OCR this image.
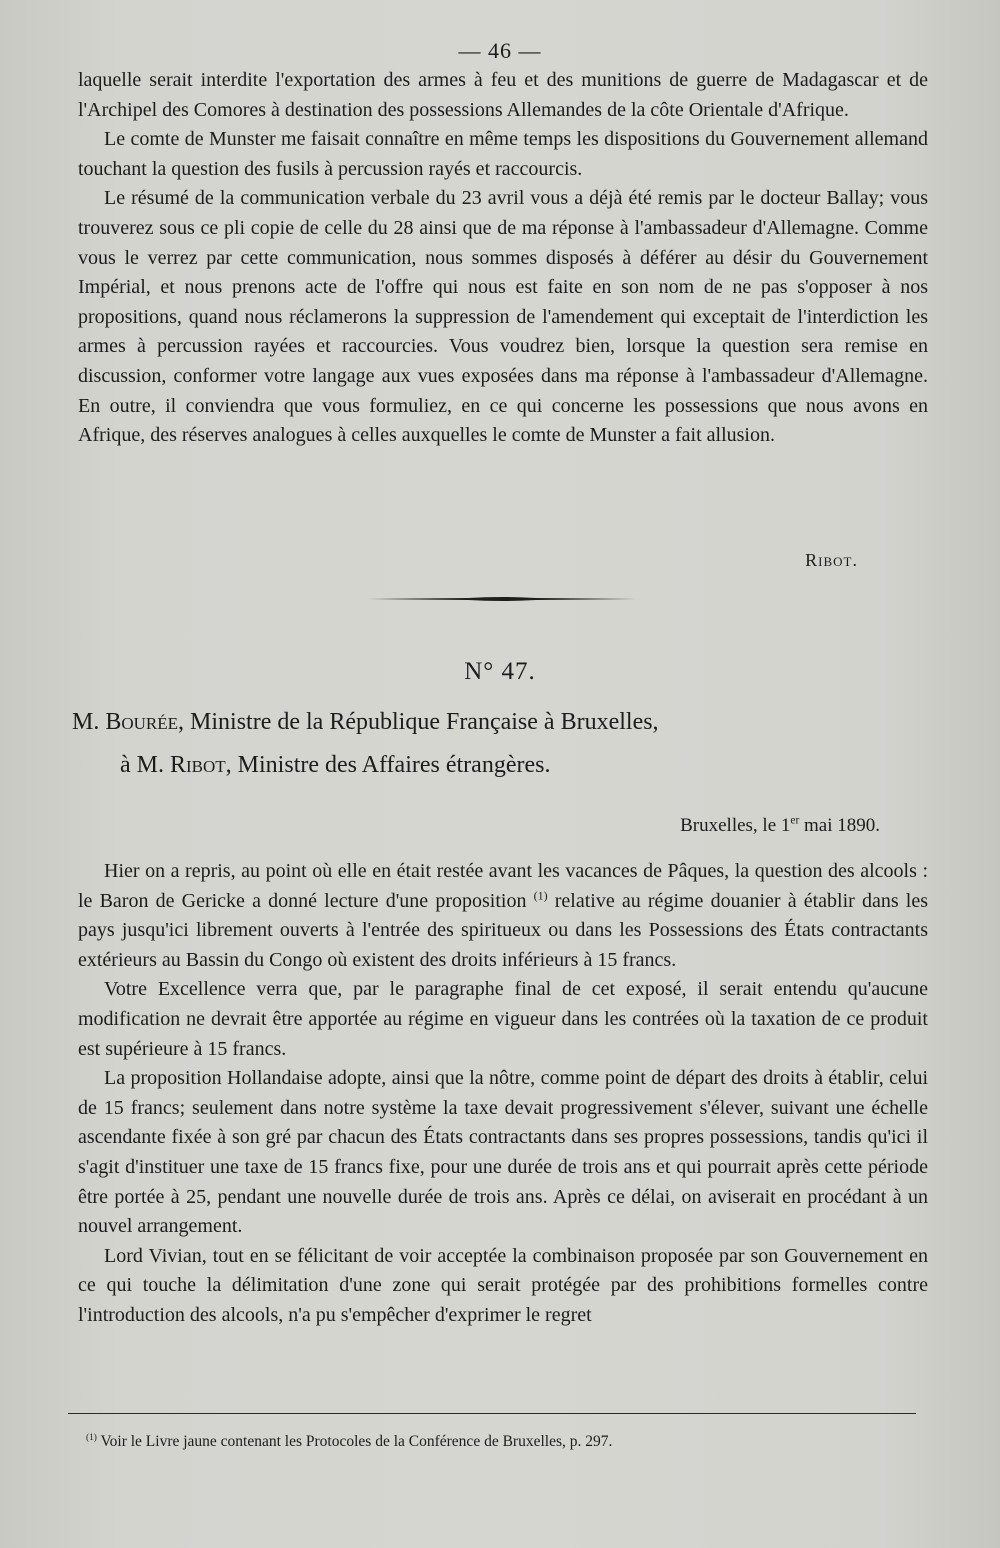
— 46 —

laquelle serait interdite l'exportation des armes à feu et des munitions de guerre de Madagascar et de l'Archipel des Comores à destination des possessions Allemandes de la côte Orientale d'Afrique.

Le comte de Munster me faisait connaître en même temps les dispositions du Gouvernement allemand touchant la question des fusils à percussion rayés et raccourcis.

Le résumé de la communication verbale du 23 avril vous a déjà été remis par le docteur Ballay; vous trouverez sous ce pli copie de celle du 28 ainsi que de ma réponse à l'ambassadeur d'Allemagne. Comme vous le verrez par cette communication, nous sommes disposés à déférer au désir du Gouvernement Impérial, et nous prenons acte de l'offre qui nous est faite en son nom de ne pas s'opposer à nos propositions, quand nous réclamerons la suppression de l'amendement qui exceptait de l'interdiction les armes à percussion rayées et raccourcies. Vous voudrez bien, lorsque la question sera remise en discussion, conformer votre langage aux vues exposées dans ma réponse à l'ambassadeur d'Allemagne. En outre, il conviendra que vous formuliez, en ce qui concerne les possessions que nous avons en Afrique, des réserves analogues à celles auxquelles le comte de Munster a fait allusion.

Ribot.
N° 47.
M. Bourée, Ministre de la République Française à Bruxelles,
à M. Ribot, Ministre des Affaires étrangères.
Bruxelles, le 1er mai 1890.

Hier on a repris, au point où elle en était restée avant les vacances de Pâques, la question des alcools : le Baron de Gericke a donné lecture d'une proposition $^{(1)}$ relative au régime douanier à établir dans les pays jusqu'ici librement ouverts à l'entrée des spiritueux ou dans les Possessions des États contractants extérieurs au Bassin du Congo où existent des droits inférieurs à 15 francs.

Votre Excellence verra que, par le paragraphe final de cet exposé, il serait entendu qu'aucune modification ne devrait être apportée au régime en vigueur dans les contrées où la taxation de ce produit est supérieure à 15 francs.

La proposition Hollandaise adopte, ainsi que la nôtre, comme point de départ des droits à établir, celui de 15 francs; seulement dans notre système la taxe devait progressivement s'élever, suivant une échelle ascendante fixée à son gré par chacun des États contractants dans ses propres possessions, tandis qu'ici il s'agit d'instituer une taxe de 15 francs fixe, pour une durée de trois ans et qui pourrait après cette période être portée à 25, pendant une nouvelle durée de trois ans. Après ce délai, on aviserait en procédant à un nouvel arrangement.

Lord Vivian, tout en se félicitant de voir acceptée la combinaison proposée par son Gouvernement en ce qui touche la délimitation d'une zone qui serait protégée par des prohibitions formelles contre l'introduction des alcools, n'a pu s'empêcher d'exprimer le regret

$^{(1)}$ Voir le Livre jaune contenant les Protocoles de la Conférence de Bruxelles, p. 297.
